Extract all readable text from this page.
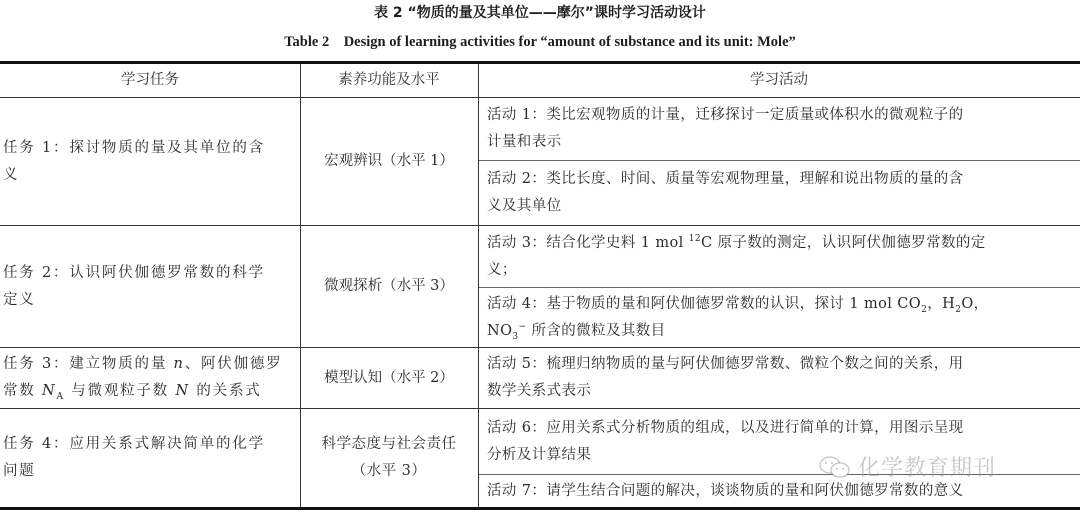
表 2 “物质的量及其单位——摩尔”课时学习活动设计
Table 2    Design of learning activities for “amount of substance and its unit: Mole”
学习任务	素养功能及水平	学习活动
任务 1：探讨物质的量及其单位的含
义
宏观辨识（水平 1）
活动 1：类比宏观物质的计量，迁移探讨一定质量或体积水的微观粒子的
计量和表示
活动 2：类比长度、时间、质量等宏观物理量，理解和说出物质的量的含
义及其单位
任务 2：认识阿伏伽德罗常数的科学
定义
微观探析（水平 3）
活动 3：结合化学史料 1 mol $^{12}$C 原子数的测定，认识阿伏伽德罗常数的定
义；
活动 4：基于物质的量和阿伏伽德罗常数的认识，探讨 1 mol $CO_2$，$H_2O$，
$NO_3^-$ 所含的微粒及其数目
任务 3：建立物质的量 n、阿伏伽德罗
常数 $N_A$ 与微观粒子数 N 的关系式
模型认知（水平 2）
活动 5：梳理归纳物质的量与阿伏伽德罗常数、微粒个数之间的关系，用
数学关系式表示
任务 4：应用关系式解决简单的化学
问题
科学态度与社会责任
（水平 3）
活动 6：应用关系式分析物质的组成，以及进行简单的计算，用图示呈现
分析及计算结果
活动 7：请学生结合问题的解决，谈谈物质的量和阿伏伽德罗常数的意义
化学教育期刊
